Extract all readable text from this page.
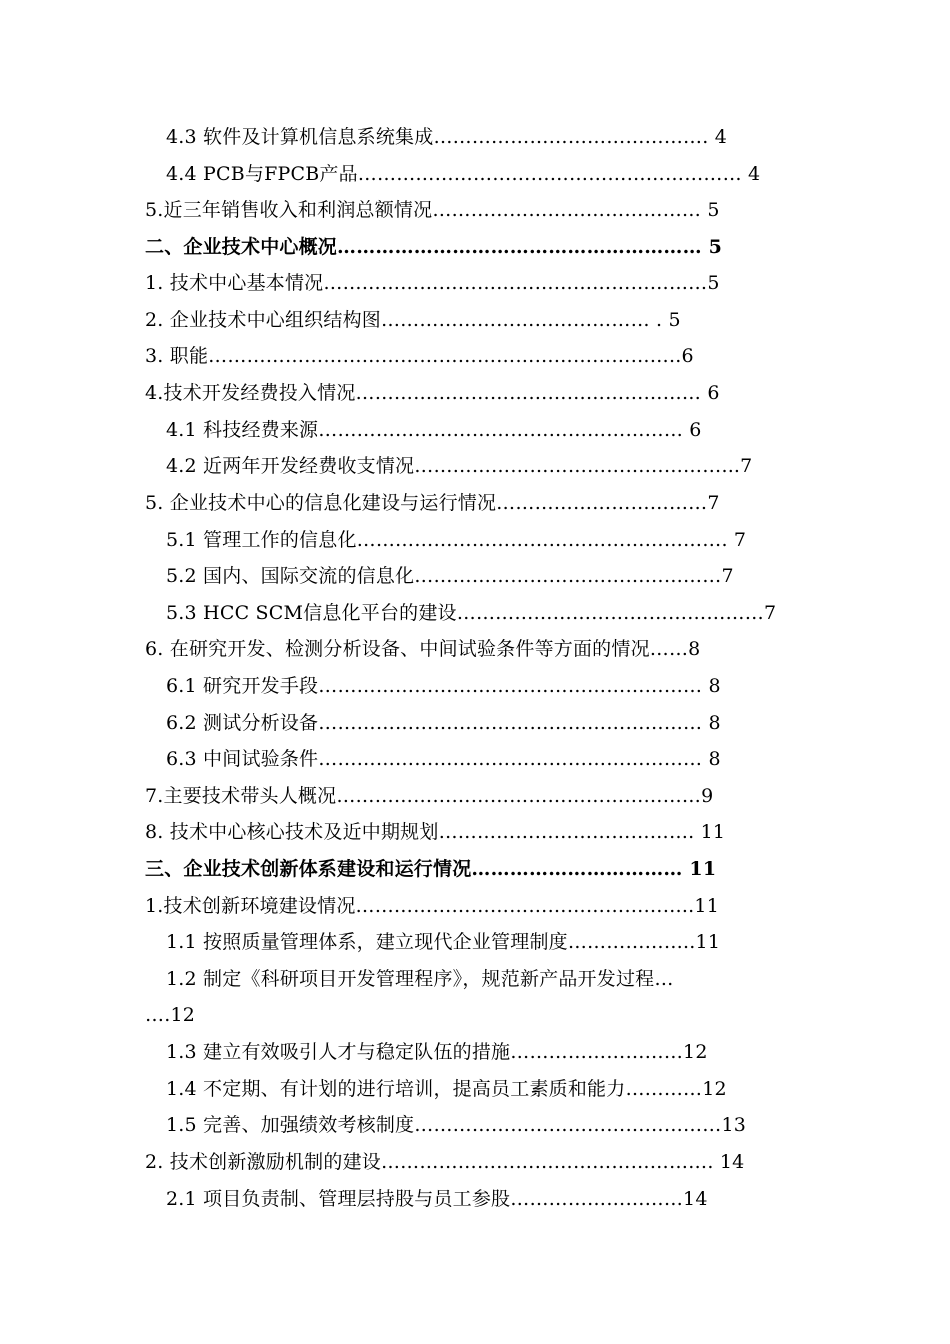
4.3 软件及计算机信息系统集成……………………………………. 4
4.4 PCB与FPCB产品…………………………………………………… 4
5.近三年销售收入和利润总额情况…………………………………… 5
二、企业技术中心概况………………………………………………… 5
1. 技术中心基本情况……………………………………………………5
2. 企业技术中心组织结构图…………………………………… . 5
3. 职能………………………………………………………………..6
4.技术开发经费投入情况……………………………………………… 6
4.1 科技经费来源………………………………………………… 6
4.2 近两年开发经费收支情况…………………………………………...7
5. 企业技术中心的信息化建设与运行情况……………………………7
5.1 管理工作的信息化…………………………………………………. 7
5.2 国内、国际交流的信息化…………………………………………7
5.3 HCC SCM信息化平台的建设…………………………………………7
6. 在研究开发、检测分析设备、中间试验条件等方面的情况……8
6.1 研究开发手段…………………………………………………… 8
6.2 测试分析设备…………………………………………………… 8
6.3 中间试验条件…………………………………………………… 8
7.主要技术带头人概况…………………………………………………9
8. 技术中心核心技术及近中期规划…………………………………. 11
三、企业技术创新体系建设和运行情况…………………………… 11
1.技术创新环境建设情况……………………………………………..11
1.1 按照质量管理体系，建立现代企业管理制度………………..11
1.2 制定《科研项目开发管理程序》，规范新产品开发过程…
….12
1.3 建立有效吸引人才与稳定队伍的措施………………………12
1.4 不定期、有计划的进行培训，提高员工素质和能力…………12
1.5 完善、加强绩效考核制度…………………………………………13
2. 技术创新激励机制的建设……………………………………………. 14
2.1 项目负责制、管理层持股与员工参股………………………14
